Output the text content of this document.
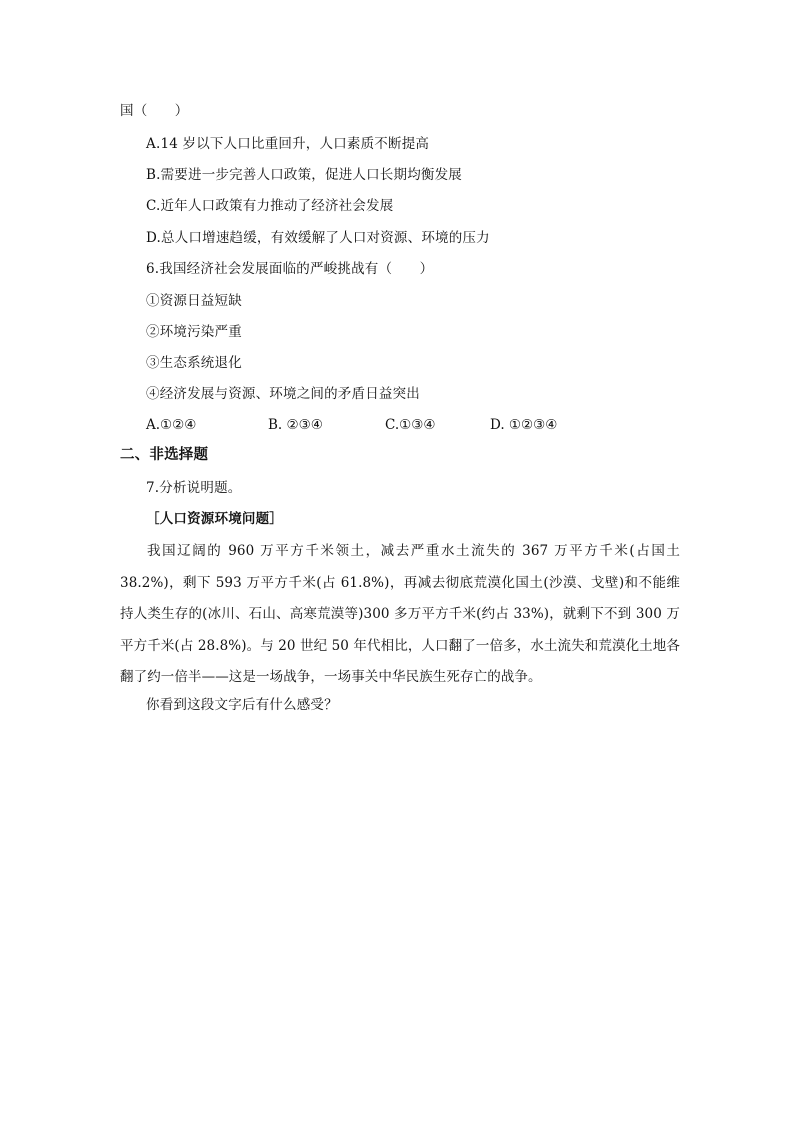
国（　　）
A.14 岁以下人口比重回升，人口素质不断提高
B.需要进一步完善人口政策，促进人口长期均衡发展
C.近年人口政策有力推动了经济社会发展
D.总人口增速趋缓，有效缓解了人口对资源、环境的压力
6.我国经济社会发展面临的严峻挑战有（　　）
①资源日益短缺
②环境污染严重
③生态系统退化
④经济发展与资源、环境之间的矛盾日益突出
A.①②④	B. ②③④	C.①③④	D. ①②③④
二、非选择题
7.分析说明题。
［人口资源环境问题］
我国辽阔的 960 万平方千米领土，减去严重水土流失的 367 万平方千米(占国土 38.2%)，剩下 593 万平方千米(占 61.8%)，再减去彻底荒漠化国土(沙漠、戈壁)和不能维持人类生存的(冰川、石山、高寒荒漠等)300 多万平方千米(约占 33%)，就剩下不到 300 万平方千米(占 28.8%)。与 20 世纪 50 年代相比，人口翻了一倍多，水土流失和荒漠化土地各翻了约一倍半——这是一场战争，一场事关中华民族生死存亡的战争。
你看到这段文字后有什么感受？
